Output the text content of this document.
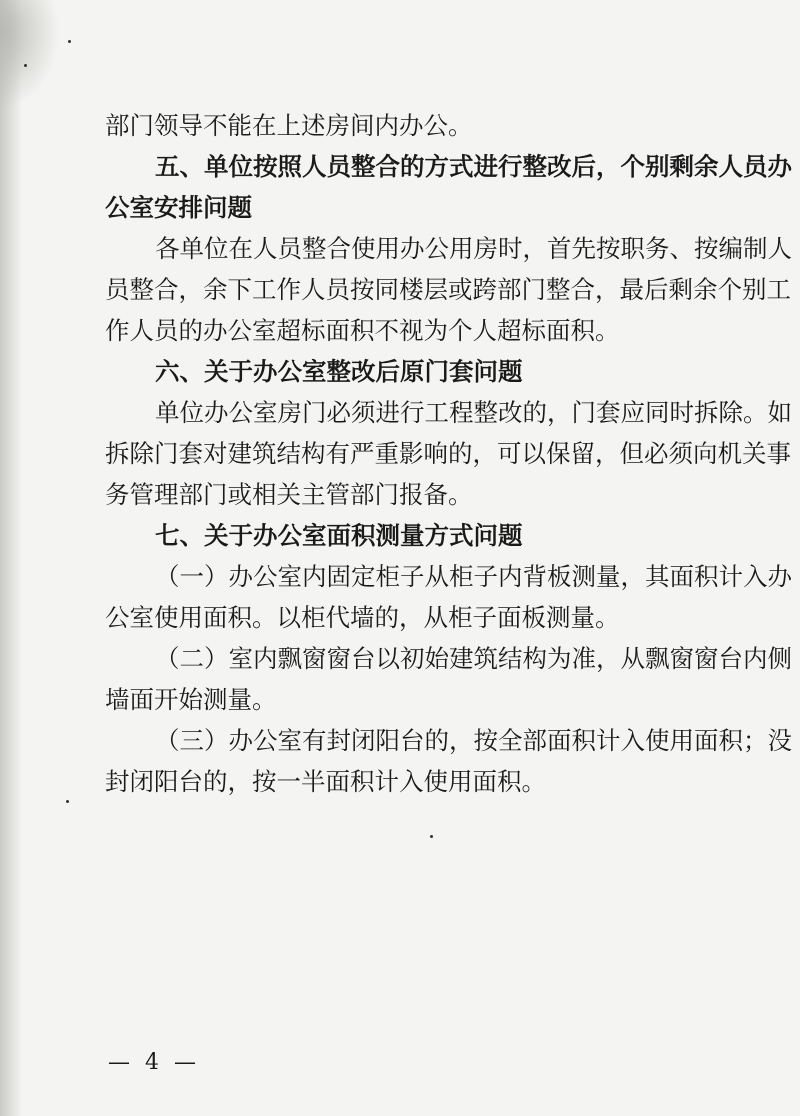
部门领导不能在上述房间内办公。
五、单位按照人员整合的方式进行整改后，个别剩余人员办
公室安排问题
各单位在人员整合使用办公用房时，首先按职务、按编制人
员整合，余下工作人员按同楼层或跨部门整合，最后剩余个别工
作人员的办公室超标面积不视为个人超标面积。
六、关于办公室整改后原门套问题
单位办公室房门必须进行工程整改的，门套应同时拆除。如
拆除门套对建筑结构有严重影响的，可以保留，但必须向机关事
务管理部门或相关主管部门报备。
七、关于办公室面积测量方式问题
（一）办公室内固定柜子从柜子内背板测量，其面积计入办
公室使用面积。以柜代墙的，从柜子面板测量。
（二）室内飘窗窗台以初始建筑结构为准，从飘窗窗台内侧
墙面开始测量。
（三）办公室有封闭阳台的，按全部面积计入使用面积；没
封闭阳台的，按一半面积计入使用面积。
— 4 —
